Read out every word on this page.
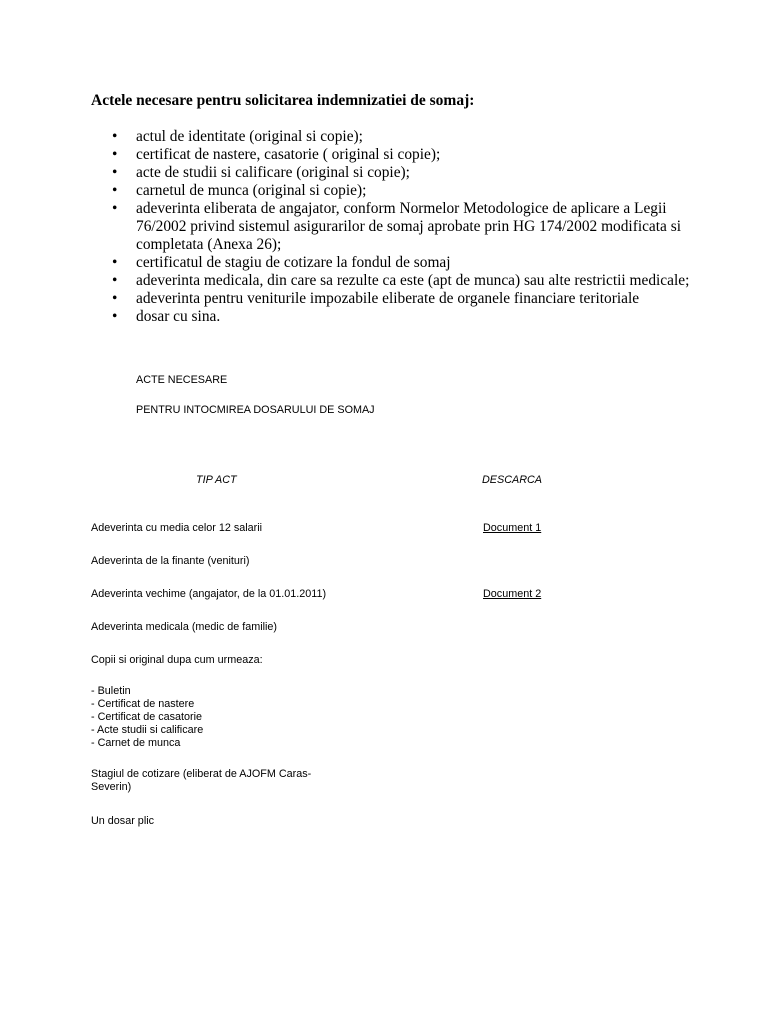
Actele necesare pentru solicitarea indemnizatiei de somaj:

• actul de identitate (original si copie);
• certificat de nastere, casatorie ( original si copie);
• acte de studii si calificare (original si copie);
• carnetul de munca (original si copie);
• adeverinta eliberata de angajator, conform Normelor Metodologice de aplicare a Legii 76/2002 privind sistemul asigurarilor de somaj aprobate prin HG 174/2002 modificata si completata (Anexa 26);
• certificatul de stagiu de cotizare la fondul de somaj
• adeverinta medicala, din care sa rezulte ca este (apt de munca) sau alte restrictii medicale;
• adeverinta pentru veniturile impozabile eliberate de organele financiare teritoriale
• dosar cu sina.

ACTE NECESARE

PENTRU INTOCMIREA DOSARULUI DE SOMAJ

TIP ACT	DESCARCA

Adeverinta cu media celor 12 salarii	Document 1

Adeverinta de la finante (venituri)

Adeverinta vechime (angajator, de la 01.01.2011)	Document 2

Adeverinta medicala (medic de familie)

Copii si original dupa cum urmeaza:

- Buletin
- Certificat de nastere
- Certificat de casatorie
- Acte studii si calificare
- Carnet de munca
Stagiul de cotizare (eliberat de AJOFM Caras-
Severin)

Un dosar plic
